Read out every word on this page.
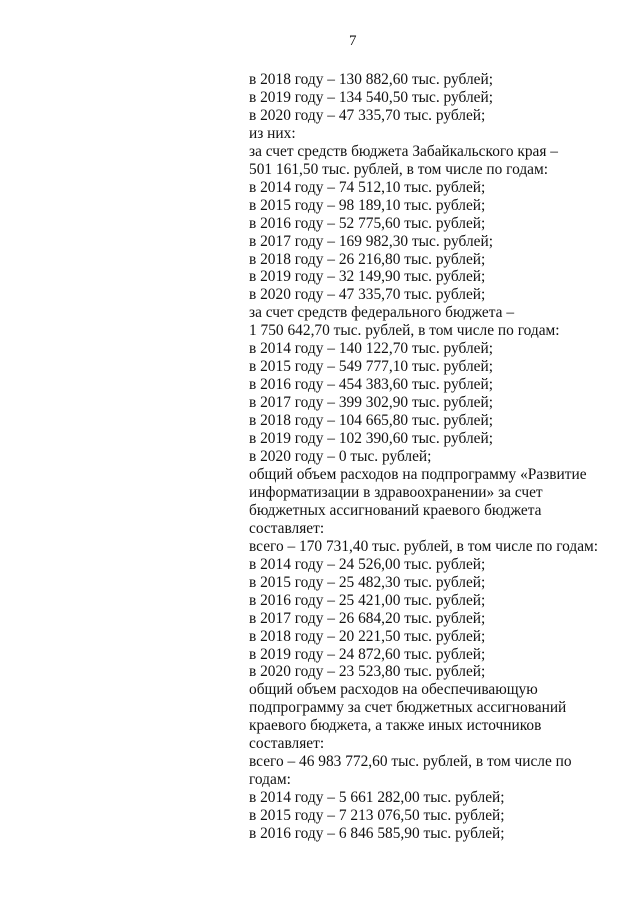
7
в 2018 году – 130 882,60 тыс. рублей;
в 2019 году – 134 540,50 тыс. рублей;
в 2020 году – 47 335,70 тыс. рублей;
из них:
за счет средств бюджета Забайкальского края –
501 161,50 тыс. рублей, в том числе по годам:
в 2014 году – 74 512,10 тыс. рублей;
в 2015 году – 98 189,10 тыс. рублей;
в 2016 году – 52 775,60 тыс. рублей;
в 2017 году – 169 982,30 тыс. рублей;
в 2018 году – 26 216,80 тыс. рублей;
в 2019 году – 32 149,90 тыс. рублей;
в 2020 году – 47 335,70 тыс. рублей;
за счет средств федерального бюджета –
1 750 642,70 тыс. рублей, в том числе по годам:
в 2014 году – 140 122,70 тыс. рублей;
в 2015 году – 549 777,10 тыс. рублей;
в 2016 году – 454 383,60 тыс. рублей;
в 2017 году – 399 302,90 тыс. рублей;
в 2018 году – 104 665,80 тыс. рублей;
в 2019 году – 102 390,60 тыс. рублей;
в 2020 году – 0 тыс. рублей;
общий объем расходов на подпрограмму «Развитие
информатизации в здравоохранении» за счет
бюджетных ассигнований краевого бюджета
составляет:
всего – 170 731,40 тыс. рублей, в том числе по годам:
в 2014 году – 24 526,00 тыс. рублей;
в 2015 году – 25 482,30 тыс. рублей;
в 2016 году – 25 421,00 тыс. рублей;
в 2017 году – 26 684,20 тыс. рублей;
в 2018 году – 20 221,50 тыс. рублей;
в 2019 году – 24 872,60 тыс. рублей;
в 2020 году – 23 523,80 тыс. рублей;
общий объем расходов на обеспечивающую
подпрограмму за счет бюджетных ассигнований
краевого бюджета, а также иных источников
составляет:
всего – 46 983 772,60 тыс. рублей, в том числе по
годам:
в 2014 году – 5 661 282,00 тыс. рублей;
в 2015 году – 7 213 076,50 тыс. рублей;
в 2016 году – 6 846 585,90 тыс. рублей;
